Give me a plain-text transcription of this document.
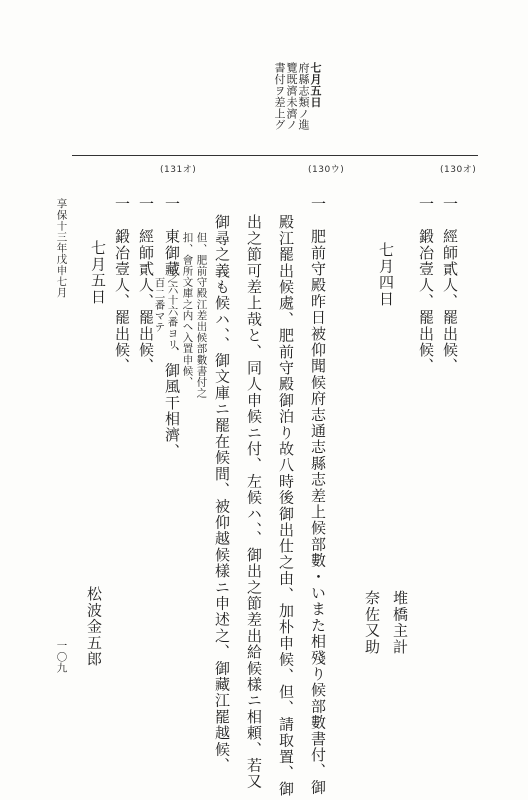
七月五日
府縣志類ノ進
覽既濟未濟ノ
書付ヲ差上グ
(131オ)	(130ウ)	(130オ)
一　經師貳人、罷出候、
一　鍛冶壹人、罷出候、
七月四日
堆橋主計
奈佐又助
一　肥前守殿昨日被仰聞候府志通志縣志差上候部數・いまた相殘り候部數書付、御
殿江罷出候處、肥前守殿御泊り故八時後御出仕之由、加朴申候、但、請取置、御
出之節可差上哉と、同人申候ニ付、左候ハ、、御出之節差出給候樣ニ相頼、若又
御尋之義も候ハ、、御文庫ニ罷在候間、被仰越候樣ニ申述之、御藏江罷越候、
但、肥前守殿江差出候部數書付之
扣、會所文庫之内へ入置申候、
一　東御藏
三之六十六番ヨリ
百二番マテ
、御風干相濟、
一　經師貳人、罷出候、
一　鍛冶壹人、罷出候、
七月五日
松波金五郎
享保十三年戊申七月
一〇九
